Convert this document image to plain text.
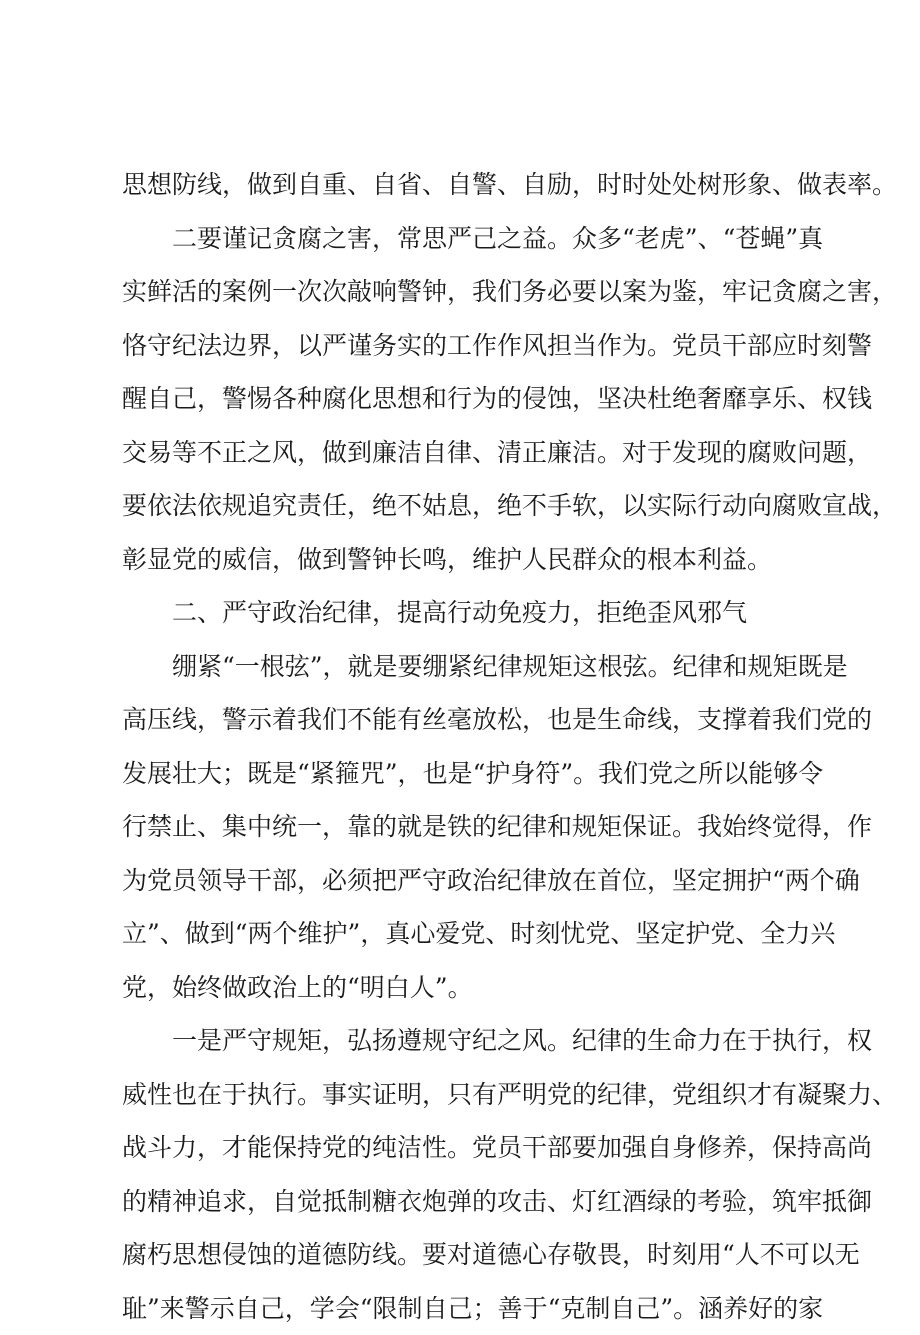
思想防线，做到自重、自省、自警、自励，时时处处树形象、做表率。
二要谨记贪腐之害，常思严己之益。众多“老虎”、“苍蝇”真
实鲜活的案例一次次敲响警钟，我们务必要以案为鉴，牢记贪腐之害，
恪守纪法边界，以严谨务实的工作作风担当作为。党员干部应时刻警
醒自己，警惕各种腐化思想和行为的侵蚀，坚决杜绝奢靡享乐、权钱
交易等不正之风，做到廉洁自律、清正廉洁。对于发现的腐败问题，
要依法依规追究责任，绝不姑息，绝不手软，以实际行动向腐败宣战，
彰显党的威信，做到警钟长鸣，维护人民群众的根本利益。
二、严守政治纪律，提高行动免疫力，拒绝歪风邪气
绷紧“一根弦”，就是要绷紧纪律规矩这根弦。纪律和规矩既是
高压线，警示着我们不能有丝毫放松，也是生命线，支撑着我们党的
发展壮大；既是“紧箍咒”，也是“护身符”。我们党之所以能够令
行禁止、集中统一，靠的就是铁的纪律和规矩保证。我始终觉得，作
为党员领导干部，必须把严守政治纪律放在首位，坚定拥护“两个确
立”、做到“两个维护”，真心爱党、时刻忧党、坚定护党、全力兴
党，始终做政治上的“明白人”。
一是严守规矩，弘扬遵规守纪之风。纪律的生命力在于执行，权
威性也在于执行。事实证明，只有严明党的纪律，党组织才有凝聚力、
战斗力，才能保持党的纯洁性。党员干部要加强自身修养，保持高尚
的精神追求，自觉抵制糖衣炮弹的攻击、灯红酒绿的考验，筑牢抵御
腐朽思想侵蚀的道德防线。要对道德心存敬畏，时刻用“人不可以无
耻”来警示自己，学会“限制自己；善于“克制自己”。涵养好的家
